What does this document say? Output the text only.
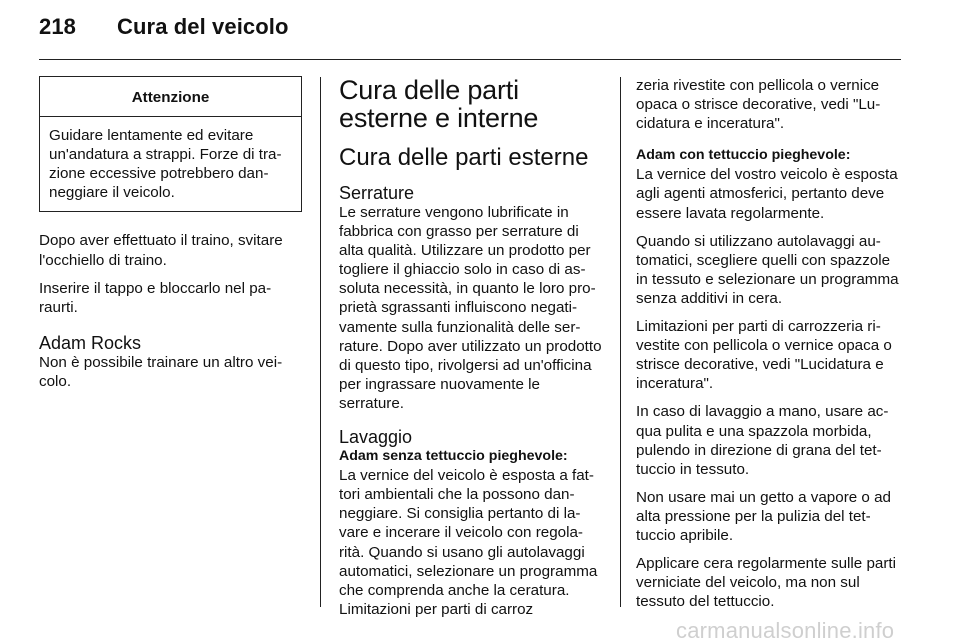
218 Cura del veicolo
Attenzione
Guidare lentamente ed evitare un'andatura a strappi. Forze di trazione eccessive potrebbero danneggiare il veicolo.

Dopo aver effettuato il traino, svitare l'occhiello di traino.

Inserire il tappo e bloccarlo nel paraurti.

Adam Rocks

Non è possibile trainare un altro veicolo.

Cura delle parti esterne e interne
Cura delle parti esterne
Serrature

Le serrature vengono lubrificate in fabbrica con grasso per serrature di alta qualità. Utilizzare un prodotto per togliere il ghiaccio solo in caso di assoluta necessità, in quanto le loro proprietà sgrassanti influiscono negativamente sulla funzionalità delle serrature. Dopo aver utilizzato un prodotto di questo tipo, rivolgersi ad un'officina per ingrassare nuovamente le serrature.

Lavaggio
Adam senza tettuccio pieghevole:

La vernice del veicolo è esposta a fattori ambientali che la possono danneggiare. Si consiglia pertanto di lavare e incerare il veicolo con regolarità. Quando si usano gli autolavaggi automatici, selezionare un programma che comprenda anche la ceratura. Limitazioni per parti di carroz

zeria rivestite con pellicola o vernice opaca o strisce decorative, vedi "Lucidatura e inceratura".

Adam con tettuccio pieghevole:

La vernice del vostro veicolo è esposta agli agenti atmosferici, pertanto deve essere lavata regolarmente.

Quando si utilizzano autolavaggi automatici, scegliere quelli con spazzole in tessuto e selezionare un programma senza additivi in cera.

Limitazioni per parti di carrozzeria rivestite con pellicola o vernice opaca o strisce decorative, vedi "Lucidatura e inceratura".

In caso di lavaggio a mano, usare acqua pulita e una spazzola morbida, pulendo in direzione di grana del tettuccio in tessuto.

Non usare mai un getto a vapore o ad alta pressione per la pulizia del tettuccio apribile.

Applicare cera regolarmente sulle parti verniciate del veicolo, ma non sul tessuto del tettuccio.

carmanualsonline.info
